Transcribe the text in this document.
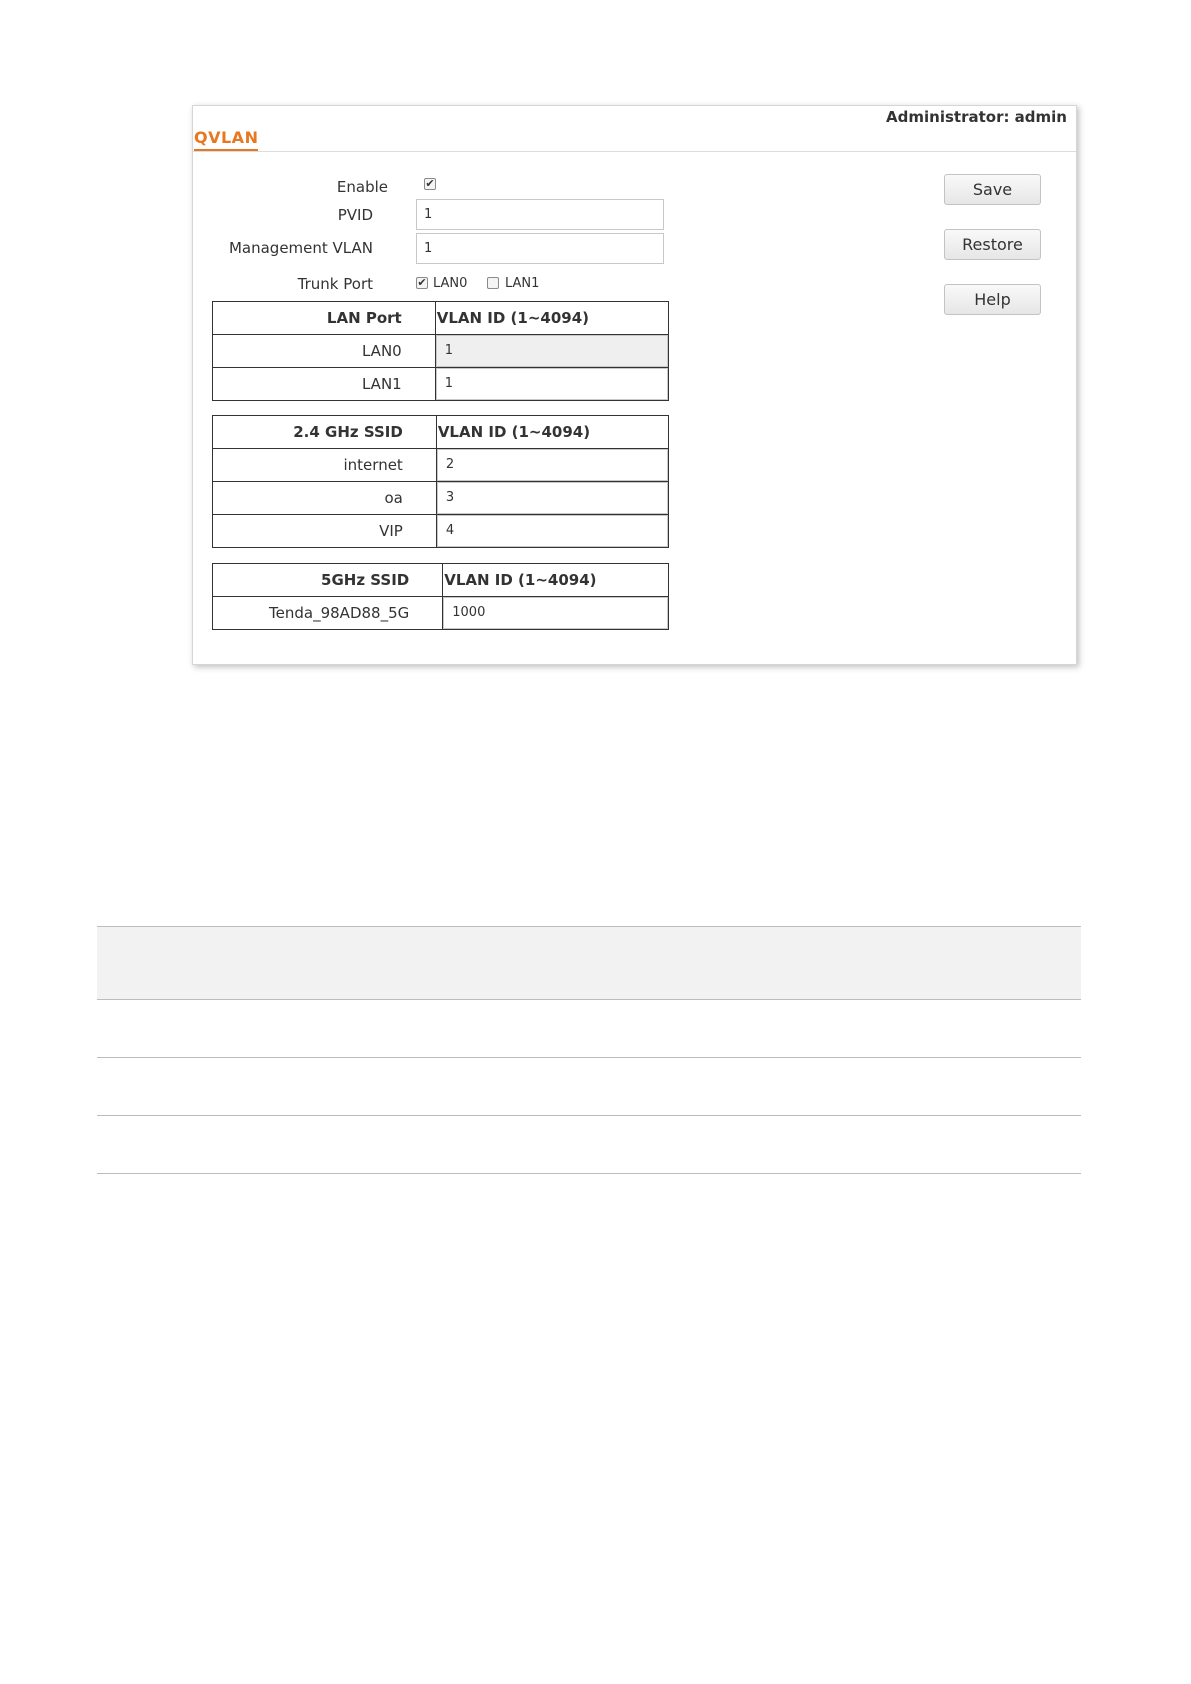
Administrator: admin
QVLAN
Enable	✔
PVID	1
Management VLAN	1
Trunk Port	✔ LAN0	LAN1
LAN Port	VLAN ID (1~4094)
LAN0	1

LAN1	1
2.4 GHz SSID	VLAN ID (1~4094)
internet	2

oa	3

VIP	4
5GHz SSID	VLAN ID (1~4094)
Tenda_98AD88_5G	1000
Save
Restore
Help
